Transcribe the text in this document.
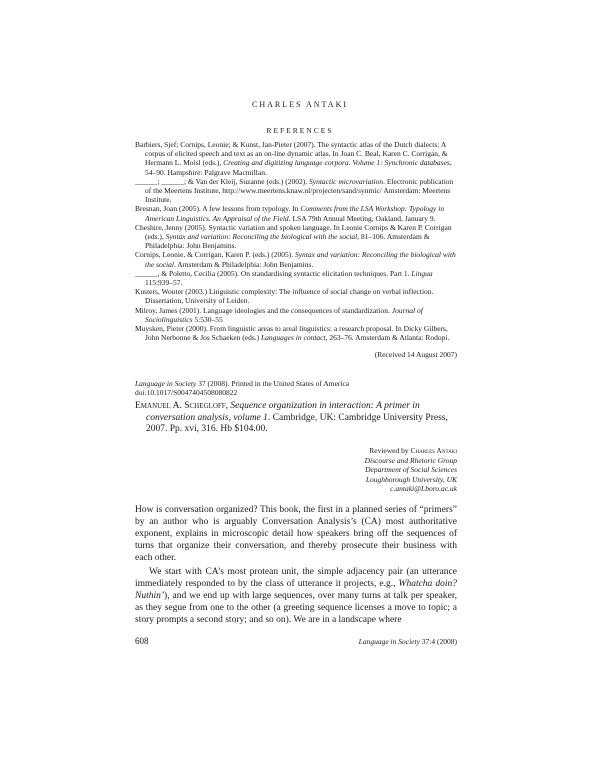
CHARLES ANTAKI
REFERENCES
Barbiers, Sjef; Cornips, Leonie; & Kunst, Jan-Pieter (2007). The syntactic atlas of the Dutch dialects: A corpus of elicited speech and text as an on-line dynamic atlas. In Joan C. Beal, Karen C. Corrigan, & Hermann L. Moisl (eds.), Creating and digitizing language corpora. Volume 1: Synchronic databases, 54–90. Hampshire: Palgrave Macmillan.
______; ______; & Van der Kleij, Suzanne (eds.) (2002). Syntactic microvariation. Electronic publication of the Meertens Institute, http://www.meertens.knaw.nl/projecten/sand/synmic/ Amsterdam: Meertens Institute.
Bresnan, Joan (2005). A few lessons from typology. In Comments from the LSA Workshop: Typology in American Linguistics. An Appraisal of the Field. LSA 79th Annual Meeting, Oakland, January 9.
Cheshire, Jenny (2005). Syntactic variation and spoken language. In Leonie Cornips & Karen P. Corrigan (eds.), Syntax and variation: Reconciling the biological with the social, 81–106. Amsterdam & Philadelphia: John Benjamins.
Cornips, Leonie, & Corrigan, Karen P. (eds.) (2005). Syntax and variation: Reconciling the biological with the social. Amsterdam & Philadelphia: John Benjamins.
______, & Poletto, Cecilia (2005). On standardising syntactic elicitation techniques. Part 1. Lingua 115:939–57.
Kusters, Wouter (2003.) Linguistic complexity: The influence of social change on verbal inflection. Dissertation, University of Leiden.
Milroy, James (2001). Language ideologies and the consequences of standardization. Journal of Sociolinguistics 5:530–55
Muysken, Pieter (2000). From linguistic areas to areal linguistics: a research proposal. In Dicky Gilbers, John Nerbonne & Jos Schaeken (eds.) Languages in contact, 263–76. Amsterdam & Atlanta: Rodopi.
(Received 14 August 2007)
Language in Society 37 (2008). Printed in the United States of America
doi:10.1017/S0047404508080822
Emanuel A. Schegloff, Sequence organization in interaction: A primer in conversation analysis, volume 1. Cambridge, UK: Cambridge University Press, 2007. Pp. xvi, 316. Hb $104.00.
Reviewed by Charles Antaki
Discourse and Rhetoric Group
Department of Social Sciences
Loughborough University, UK
c.antaki@Lboro.ac.uk

How is conversation organized? This book, the first in a planned series of “primers” by an author who is arguably Conversation Analysis’s (CA) most authoritative exponent, explains in microscopic detail how speakers bring off the sequences of turns that organize their conversation, and thereby prosecute their business with each other.

We start with CA’s most protean unit, the simple adjacency pair (an utterance immediately responded to by the class of utterance it projects, e.g., Whatcha doin? Nuthin’), and we end up with large sequences, over many turns at talk per speaker, as they segue from one to the other (a greeting sequence licenses a move to topic; a story prompts a second story; and so on). We are in a landscape where

608	Language in Society 37:4 (2008)
